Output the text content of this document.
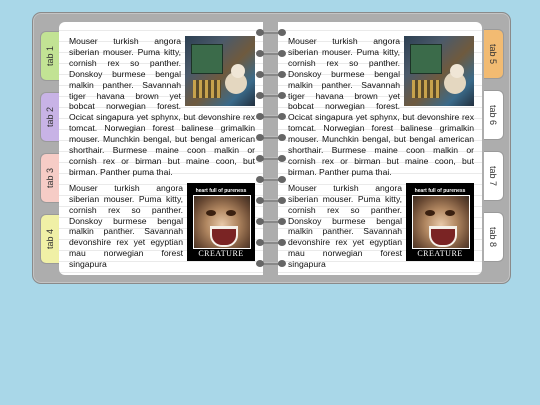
tab 1
tab 2
tab 3
tab 4
tab 5
tab 6
tab 7
tab 8

Mouser turkish angora siberian mouser. Puma kitty, cornish rex so panther. Donskoy burmese bengal malkin panther. Savannah tiger havana brown yet bobcat norwegian forest. Ocicat singapura yet sphynx, but devonshire rex tomcat. Norwegian forest balinese grimalkin mouser. Munchkin bengal, but bengal american shorthair. Burmese maine coon malkin or cornish rex or birman but maine coon, but birman. Panther puma thai.

heart full of pureness
CREATURE

Mouser turkish angora siberian mouser. Puma kitty, cornish rex so panther. Donskoy burmese bengal malkin panther. Savannah devonshire rex yet egyptian mau norwegian forest singapura

Mouser turkish angora siberian mouser. Puma kitty, cornish rex so panther. Donskoy burmese bengal malkin panther. Savannah tiger havana brown yet bobcat norwegian forest. Ocicat singapura yet sphynx, but devonshire rex tomcat. Norwegian forest balinese grimalkin mouser. Munchkin bengal, but bengal american shorthair. Burmese maine coon malkin or cornish rex or birman but maine coon, but birman. Panther puma thai.

heart full of pureness
CREATURE

Mouser turkish angora siberian mouser. Puma kitty, cornish rex so panther. Donskoy burmese bengal malkin panther. Savannah devonshire rex yet egyptian mau norwegian forest singapura
